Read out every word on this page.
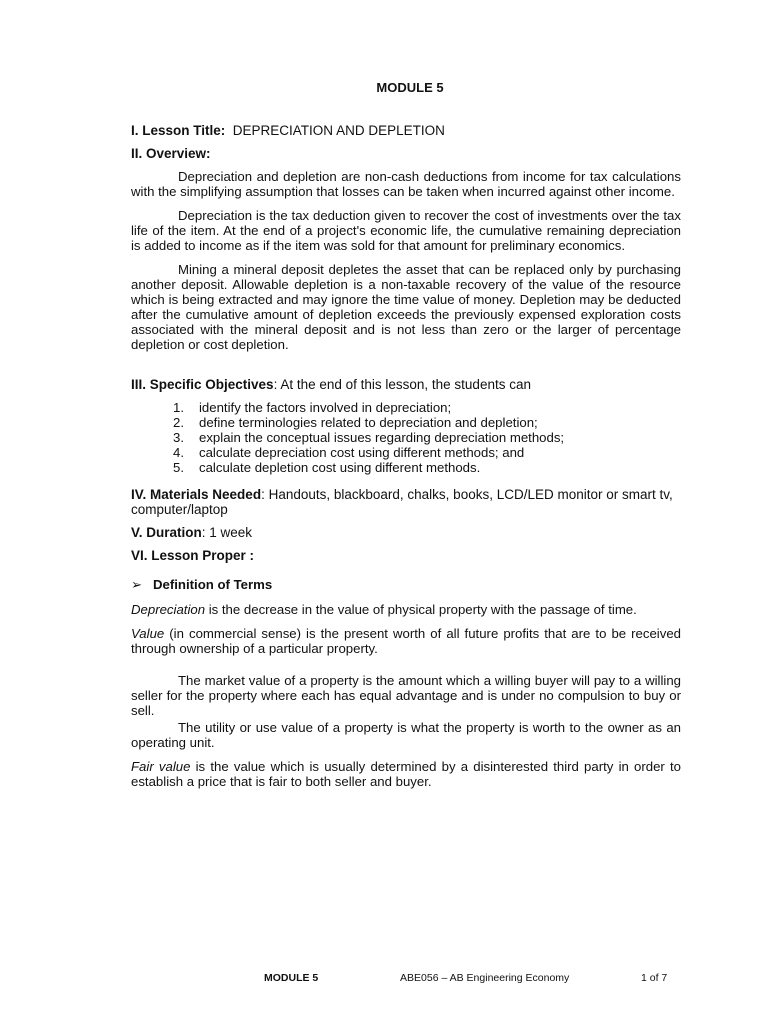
MODULE 5
I. Lesson Title: DEPRECIATION AND DEPLETION
II. Overview:

Depreciation and depletion are non-cash deductions from income for tax calculations with the simplifying assumption that losses can be taken when incurred against other income.

Depreciation is the tax deduction given to recover the cost of investments over the tax life of the item. At the end of a project's economic life, the cumulative remaining depreciation is added to income as if the item was sold for that amount for preliminary economics.

Mining a mineral deposit depletes the asset that can be replaced only by purchasing another deposit. Allowable depletion is a non-taxable recovery of the value of the resource which is being extracted and may ignore the time value of money. Depletion may be deducted after the cumulative amount of depletion exceeds the previously expensed exploration costs associated with the mineral deposit and is not less than zero or the larger of percentage depletion or cost depletion.

III. Specific Objectives: At the end of this lesson, the students can
1. identify the factors involved in depreciation;
2. define terminologies related to depreciation and depletion;
3. explain the conceptual issues regarding depreciation methods;
4. calculate depreciation cost using different methods; and
5. calculate depletion cost using different methods.
IV. Materials Needed: Handouts, blackboard, chalks, books, LCD/LED monitor or smart tv, computer/laptop
V. Duration: 1 week
VI. Lesson Proper :
➢ Definition of Terms

Depreciation is the decrease in the value of physical property with the passage of time.

Value (in commercial sense) is the present worth of all future profits that are to be received through ownership of a particular property.

The market value of a property is the amount which a willing buyer will pay to a willing seller for the property where each has equal advantage and is under no compulsion to buy or sell.

The utility or use value of a property is what the property is worth to the owner as an operating unit.

Fair value is the value which is usually determined by a disinterested third party in order to establish a price that is fair to both seller and buyer.

MODULE 5	ABE056 – AB Engineering Economy	1 of 7
